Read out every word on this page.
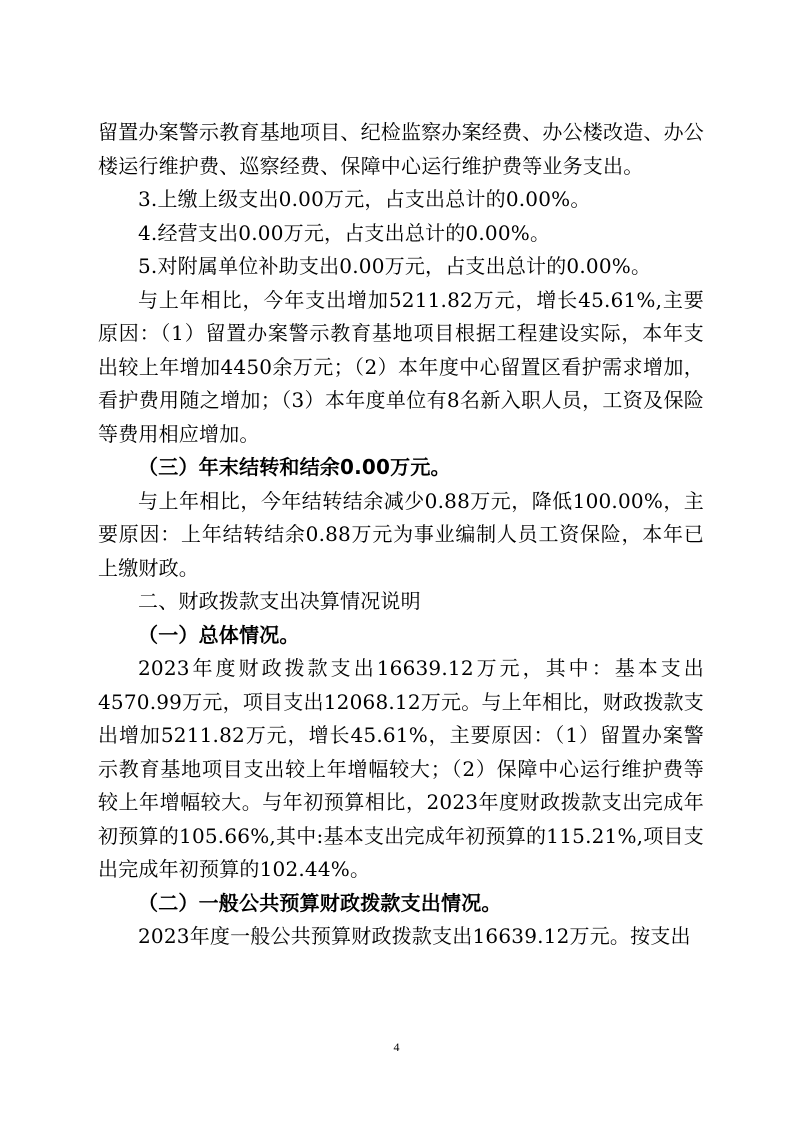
留置办案警示教育基地项目、纪检监察办案经费、办公楼改造、办公楼运行维护费、巡察经费、保障中心运行维护费等业务支出。

3.上缴上级支出0.00万元，占支出总计的0.00%。

4.经营支出0.00万元，占支出总计的0.00%。

5.对附属单位补助支出0.00万元，占支出总计的0.00%。

与上年相比，今年支出增加5211.82万元，增长45.61%,主要原因：（1）留置办案警示教育基地项目根据工程建设实际，本年支出较上年增加4450余万元；（2）本年度中心留置区看护需求增加，看护费用随之增加；（3）本年度单位有8名新入职人员，工资及保险等费用相应增加。

（三）年末结转和结余0.00万元。

与上年相比，今年结转结余减少0.88万元，降低100.00%，主要原因：上年结转结余0.88万元为事业编制人员工资保险，本年已上缴财政。

二、财政拨款支出决算情况说明

（一）总体情况。

2023年度财政拨款支出16639.12万元，其中：基本支出4570.99万元，项目支出12068.12万元。与上年相比，财政拨款支出增加5211.82万元，增长45.61%，主要原因：（1）留置办案警示教育基地项目支出较上年增幅较大；（2）保障中心运行维护费等较上年增幅较大。与年初预算相比，2023年度财政拨款支出完成年初预算的105.66%,其中:基本支出完成年初预算的115.21%,项目支出完成年初预算的102.44%。

（二）一般公共预算财政拨款支出情况。

2023年度一般公共预算财政拨款支出16639.12万元。按支出

4
